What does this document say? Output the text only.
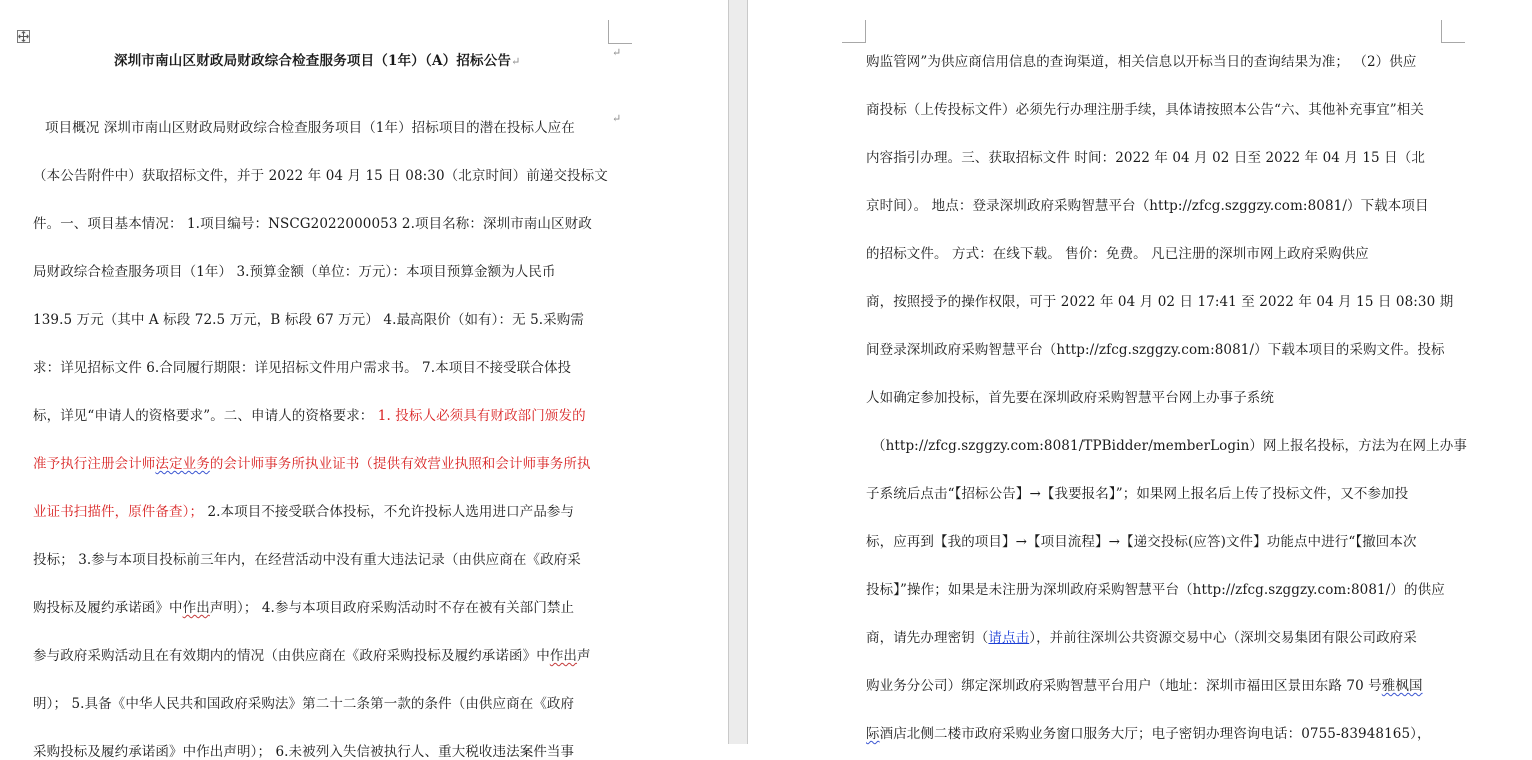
↵
↵
深圳市南山区财政局财政综合检查服务项目（1年）（A）招标公告↵
项目概况 深圳市南山区财政局财政综合检查服务项目（1年）招标项目的潜在投标人应在
（本公告附件中）获取招标文件，并于 2022 年 04 月 15 日 08:30（北京时间）前递交投标文
件。一、项目基本情况： 1.项目编号：NSCG2022000053 2.项目名称：深圳市南山区财政
局财政综合检查服务项目（1年） 3.预算金额（单位：万元）：本项目预算金额为人民币
139.5 万元（其中 A 标段 72.5 万元，B 标段 67 万元） 4.最高限价（如有）：无 5.采购需
求：详见招标文件 6.合同履行期限：详见招标文件用户需求书。 7.本项目不接受联合体投
标，详见“申请人的资格要求”。二、申请人的资格要求： 1. 投标人必须具有财政部门颁发的
准予执行注册会计师法定业务的会计师事务所执业证书（提供有效营业执照和会计师事务所执
业证书扫描件，原件备查）； 2.本项目不接受联合体投标，不允许投标人选用进口产品参与
投标； 3.参与本项目投标前三年内，在经营活动中没有重大违法记录（由供应商在《政府采
购投标及履约承诺函》中作出声明）； 4.参与本项目政府采购活动时不存在被有关部门禁止
参与政府采购活动且在有效期内的情况（由供应商在《政府采购投标及履约承诺函》中作出声
明）； 5.具备《中华人民共和国政府采购法》第二十二条第一款的条件（由供应商在《政府
采购投标及履约承诺函》中作出声明）； 6.未被列入失信被执行人、重大税收违法案件当事
购监管网”为供应商信用信息的查询渠道，相关信息以开标当日的查询结果为准； （2）供应
商投标（上传投标文件）必须先行办理注册手续，具体请按照本公告“六、其他补充事宜”相关
内容指引办理。三、获取招标文件 时间：2022 年 04 月 02 日至 2022 年 04 月 15 日（北
京时间）。 地点：登录深圳政府采购智慧平台（http://zfcg.szggzy.com:8081/）下载本项目
的招标文件。 方式：在线下载。 售价：免费。 凡已注册的深圳市网上政府采购供应
商，按照授予的操作权限，可于 2022 年 04 月 02 日 17:41 至 2022 年 04 月 15 日 08:30 期
间登录深圳政府采购智慧平台（http://zfcg.szggzy.com:8081/）下载本项目的采购文件。投标
人如确定参加投标，首先要在深圳政府采购智慧平台网上办事子系统
（http://zfcg.szggzy.com:8081/TPBidder/memberLogin）网上报名投标，方法为在网上办事
子系统后点击“【招标公告】→【我要报名】”；如果网上报名后上传了投标文件，又不参加投
标，应再到【我的项目】→【项目流程】→【递交投标(应答)文件】功能点中进行“【撤回本次
投标】”操作；如果是未注册为深圳政府采购智慧平台（http://zfcg.szggzy.com:8081/）的供应
商，请先办理密钥（请点击），并前往深圳公共资源交易中心（深圳交易集团有限公司政府采
购业务分公司）绑定深圳政府采购智慧平台用户（地址：深圳市福田区景田东路 70 号雅枫国
际酒店北侧二楼市政府采购业务窗口服务大厅；电子密钥办理咨询电话：0755-83948165），
